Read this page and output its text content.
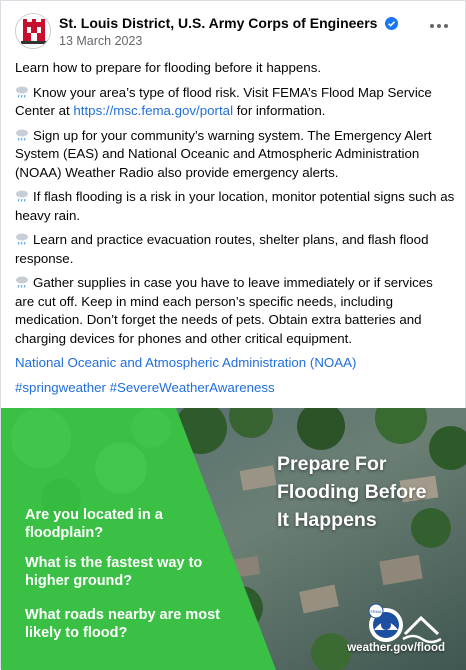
St. Louis District, U.S. Army Corps of Engineers
13 March 2023

Learn how to prepare for flooding before it happens.

Know your area’s type of flood risk. Visit FEMA’s Flood Map Service Center at https://msc.fema.gov/portal for information.

Sign up for your community’s warning system. The Emergency Alert System (EAS) and National Oceanic and Atmospheric Administration (NOAA) Weather Radio also provide emergency alerts.

If flash flooding is a risk in your location, monitor potential signs such as heavy rain.

Learn and practice evacuation routes, shelter plans, and flash flood response.

Gather supplies in case you have to leave immediately or if services are cut off. Keep in mind each person’s specific needs, including medication. Don’t forget the needs of pets. Obtain extra batteries and charging devices for phones and other critical equipment.

National Oceanic and Atmospheric Administration (NOAA)

#springweather #SevereWeatherAwareness

FEMA
Are you located in a floodplain?
What is the fastest way to higher ground?
What roads nearby are most likely to flood?
Prepare For Flooding Before It Happens
weather.gov/flood
